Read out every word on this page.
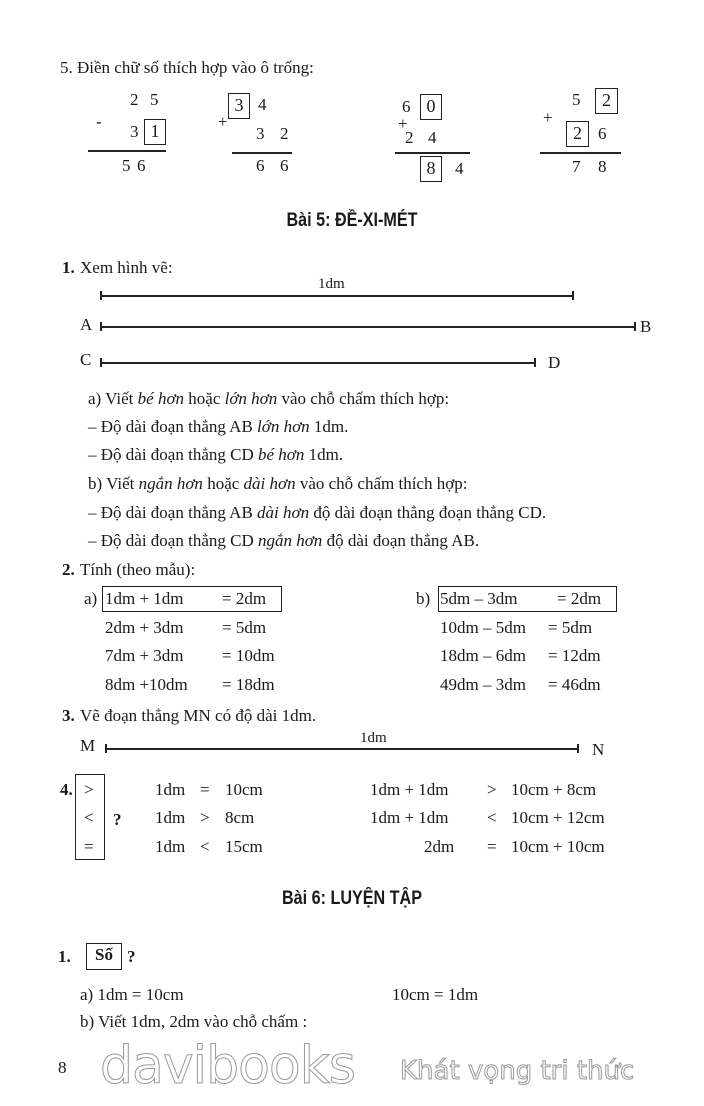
5. Điền chữ số thích hợp vào ô trống:
2 5
-
3 1
5 6
3 4
+
3 2
6 6
6 0
+
2 4
8	4
5	2
+
2 6
7 8
Bài 5: ĐỀ-XI-MÉT
1. Xem hình vẽ:
1dm
A	B
C	D
a) Viết bé hơn hoặc lớn hơn vào chỗ chấm thích hợp:
– Độ dài đoạn thẳng AB lớn hơn 1dm.
– Độ dài đoạn thẳng CD bé hơn 1dm.
b) Viết ngắn hơn hoặc dài hơn vào chỗ chấm thích hợp:
– Độ dài đoạn thẳng AB dài hơn độ dài đoạn thẳng đoạn thẳng CD.
– Độ dài đoạn thẳng CD ngắn hơn độ dài đoạn thẳng AB.
2. Tính (theo mẫu):
a)	b)
1dm + 1dm = 2dm
2dm + 3dm = 5dm
7dm + 3dm = 10dm
8dm +10dm = 18dm
5dm – 3dm = 2dm
10dm – 5dm = 5dm
18dm – 6dm = 12dm
49dm – 3dm = 46dm
3. Vẽ đoạn thẳng MN có độ dài 1dm.
M	1dm
N
4. >
<
=
?
1dm = 10cm
1dm > 8cm
1dm < 15cm
1dm + 1dm > 10cm + 8cm
1dm + 1dm < 10cm + 12cm
2dm = 10cm + 10cm
Bài 6: LUYỆN TẬP
1.	Số ?
a) 1dm = 10cm	10cm = 1dm
b) Viết 1dm, 2dm vào chỗ chấm :
8 davibooks Khát vọng tri thức
